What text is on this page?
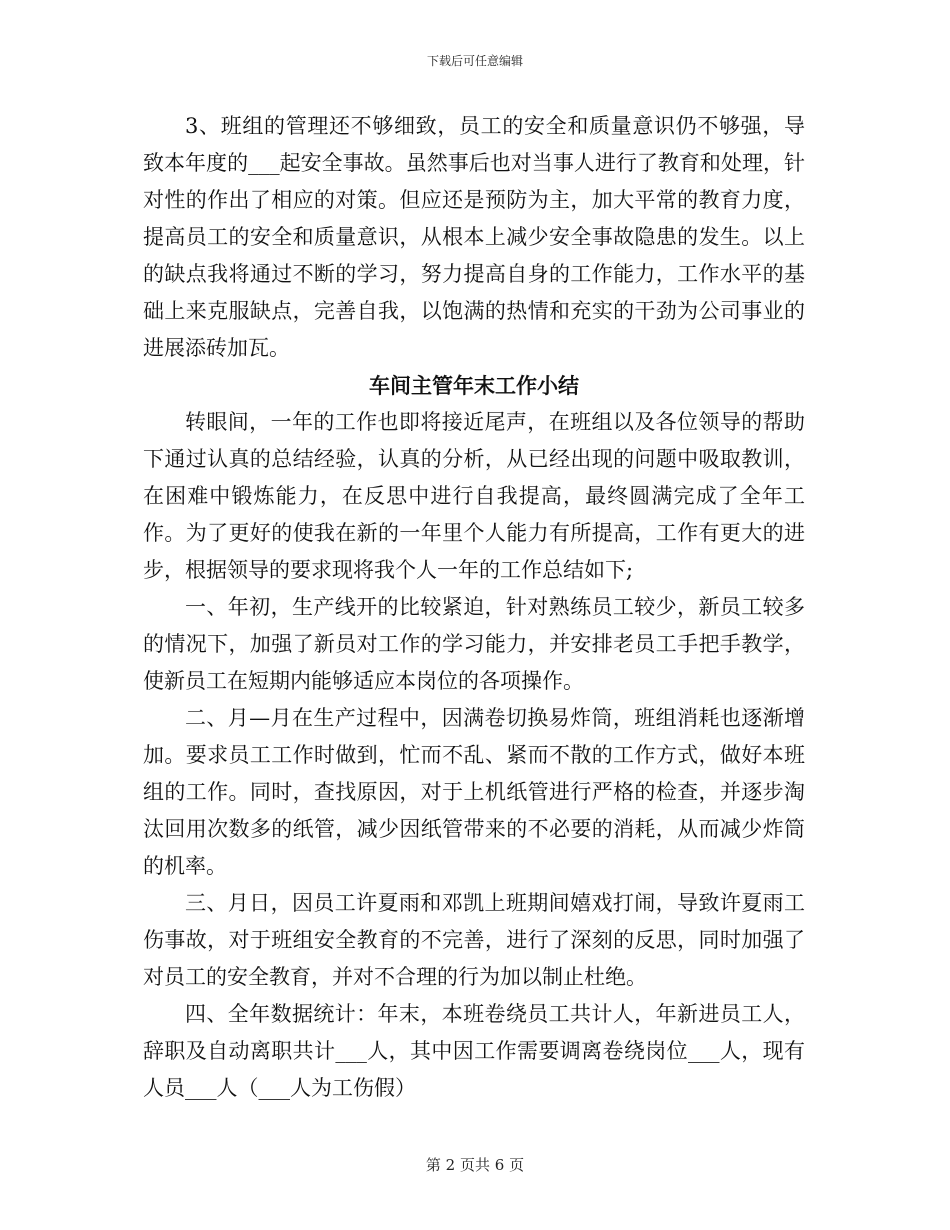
下载后可任意编辑

3、班组的管理还不够细致，员工的安全和质量意识仍不够强，导致本年度的___起安全事故。虽然事后也对当事人进行了教育和处理，针对性的作出了相应的对策。但应还是预防为主，加大平常的教育力度，提高员工的安全和质量意识，从根本上减少安全事故隐患的发生。以上的缺点我将通过不断的学习，努力提高自身的工作能力，工作水平的基础上来克服缺点，完善自我，以饱满的热情和充实的干劲为公司事业的进展添砖加瓦。

车间主管年末工作小结

转眼间，一年的工作也即将接近尾声，在班组以及各位领导的帮助下通过认真的总结经验，认真的分析，从已经出现的问题中吸取教训，在困难中锻炼能力，在反思中进行自我提高，最终圆满完成了全年工作。为了更好的使我在新的一年里个人能力有所提高，工作有更大的进步，根据领导的要求现将我个人一年的工作总结如下;

一、年初，生产线开的比较紧迫，针对熟练员工较少，新员工较多的情况下，加强了新员对工作的学习能力，并安排老员工手把手教学，使新员工在短期内能够适应本岗位的各项操作。

二、月—月在生产过程中，因满卷切换易炸筒，班组消耗也逐渐增加。要求员工工作时做到，忙而不乱、紧而不散的工作方式，做好本班组的工作。同时，查找原因，对于上机纸管进行严格的检查，并逐步淘汰回用次数多的纸管，减少因纸管带来的不必要的消耗，从而减少炸筒的机率。

三、月日，因员工许夏雨和邓凯上班期间嬉戏打闹，导致许夏雨工伤事故，对于班组安全教育的不完善，进行了深刻的反思，同时加强了对员工的安全教育，并对不合理的行为加以制止杜绝。

四、全年数据统计：年末，本班卷绕员工共计人，年新进员工人，辞职及自动离职共计___人，其中因工作需要调离卷绕岗位___人，现有人员___人（___人为工伤假）

第 2 页共 6 页
